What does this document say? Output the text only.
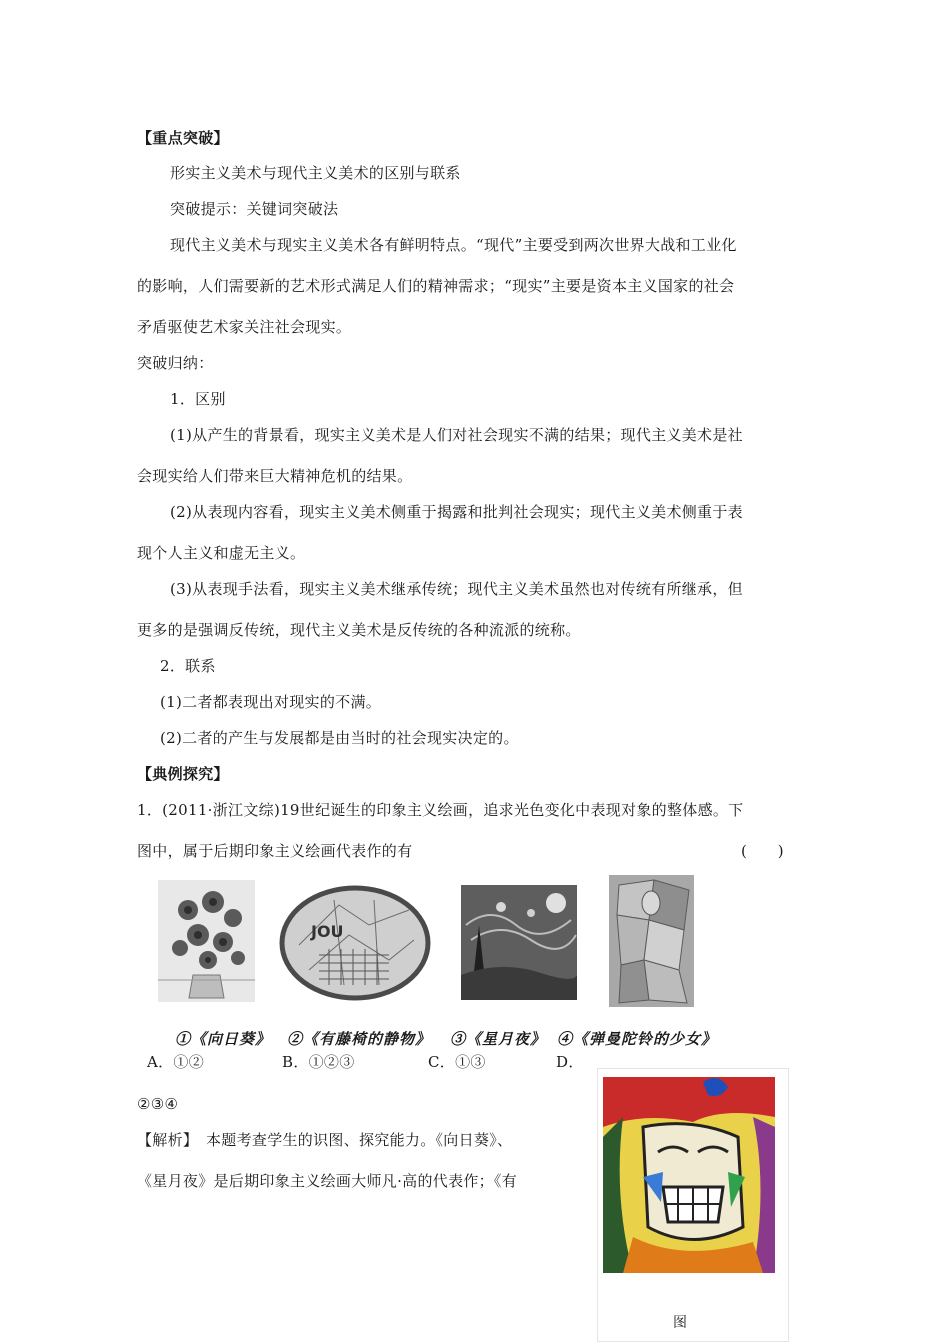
【重点突破】
形实主义美术与现代主义美术的区别与联系
突破提示：关键词突破法
现代主义美术与现实主义美术各有鲜明特点。“现代”主要受到两次世界大战和工业化
的影响，人们需要新的艺术形式满足人们的精神需求；“现实”主要是资本主义国家的社会
矛盾驱使艺术家关注社会现实。
突破归纳：
1．区别
(1)从产生的背景看，现实主义美术是人们对社会现实不满的结果；现代主义美术是社
会现实给人们带来巨大精神危机的结果。
(2)从表现内容看，现实主义美术侧重于揭露和批判社会现实；现代主义美术侧重于表
现个人主义和虚无主义。
(3)从表现手法看，现实主义美术继承传统；现代主义美术虽然也对传统有所继承，但
更多的是强调反传统，现代主义美术是反传统的各种流派的统称。
2．联系
(1)二者都表现出对现实的不满。
(2)二者的产生与发展都是由当时的社会现实决定的。
【典例探究】
1．(2011·浙江文综)19世纪诞生的印象主义绘画，追求光色变化中表现对象的整体感。下
图中，属于后期印象主义绘画代表作的有	(　　)
JOU
①《向日葵》 ②《有藤椅的静物》 ③《星月夜》 ④《弹曼陀铃的少女》
A．①②	B．①②③	C．①③	D．
②③④
【解析】　本题考查学生的识图、探究能力。《向日葵》、
《星月夜》是后期印象主义绘画大师凡·高的代表作；《有
图
